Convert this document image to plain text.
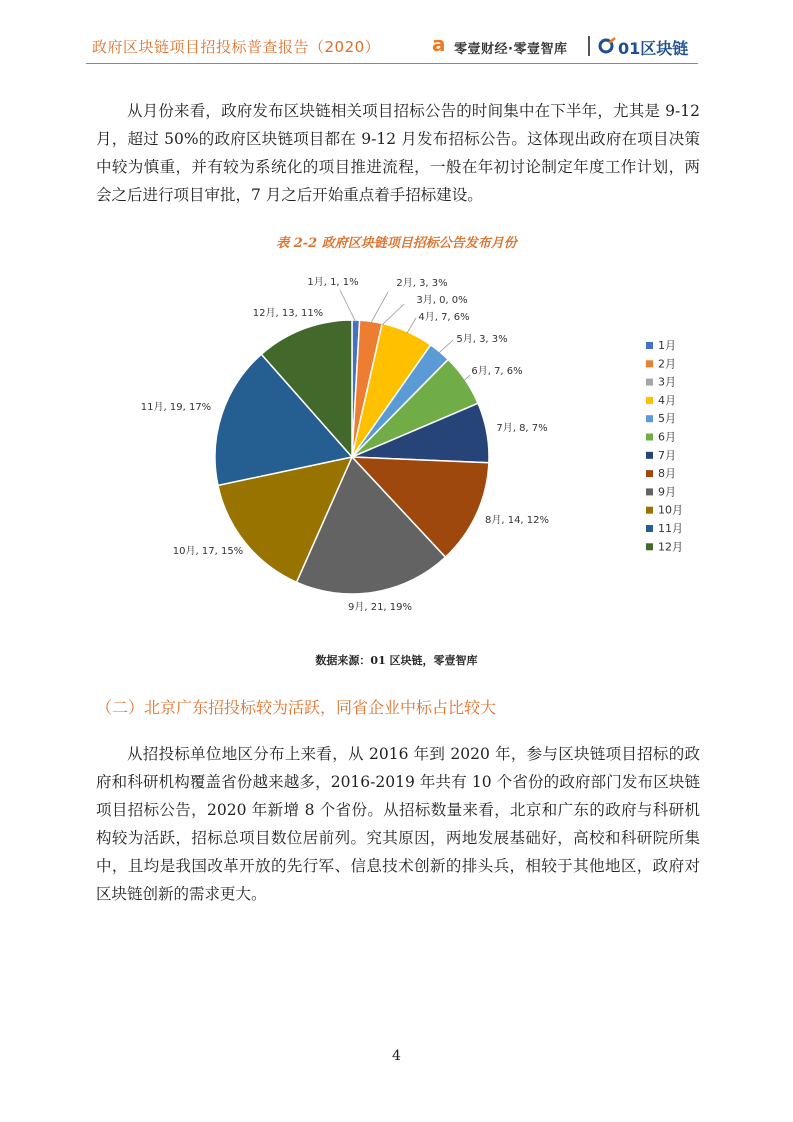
政府区块链项目招投标普查报告（2020）	a 零壹财经·零壹智库	01区块链

从月份来看，政府发布区块链相关项目招标公告的时间集中在下半年，尤其是 9-12 月，超过 50%的政府区块链项目都在 9-12 月发布招标公告。这体现出政府在项目决策中较为慎重，并有较为系统化的项目推进流程，一般在年初讨论制定年度工作计划，两会之后进行项目审批，7 月之后开始重点着手招标建设。

表 2-2 政府区块链项目招标公告发布月份
1月, 1, 1%	2月, 3, 3%
3月, 0, 0%
4月, 7, 6%
5月, 3, 3%
6月, 7, 6%
7月, 8, 7%
8月, 14, 12%
9月, 21, 19%
10月, 17, 15%
11月, 19, 17%
12月, 13, 11%
1月
2月
3月
4月
5月
6月
7月
8月
9月
10月
11月
12月
数据来源：01 区块链，零壹智库
（二）北京广东招投标较为活跃，同省企业中标占比较大

从招投标单位地区分布上来看，从 2016 年到 2020 年，参与区块链项目招标的政府和科研机构覆盖省份越来越多，2016-2019 年共有 10 个省份的政府部门发布区块链项目招标公告，2020 年新增 8 个省份。从招标数量来看，北京和广东的政府与科研机构较为活跃，招标总项目数位居前列。究其原因，两地发展基础好，高校和科研院所集中，且均是我国改革开放的先行军、信息技术创新的排头兵，相较于其他地区，政府对区块链创新的需求更大。

4
